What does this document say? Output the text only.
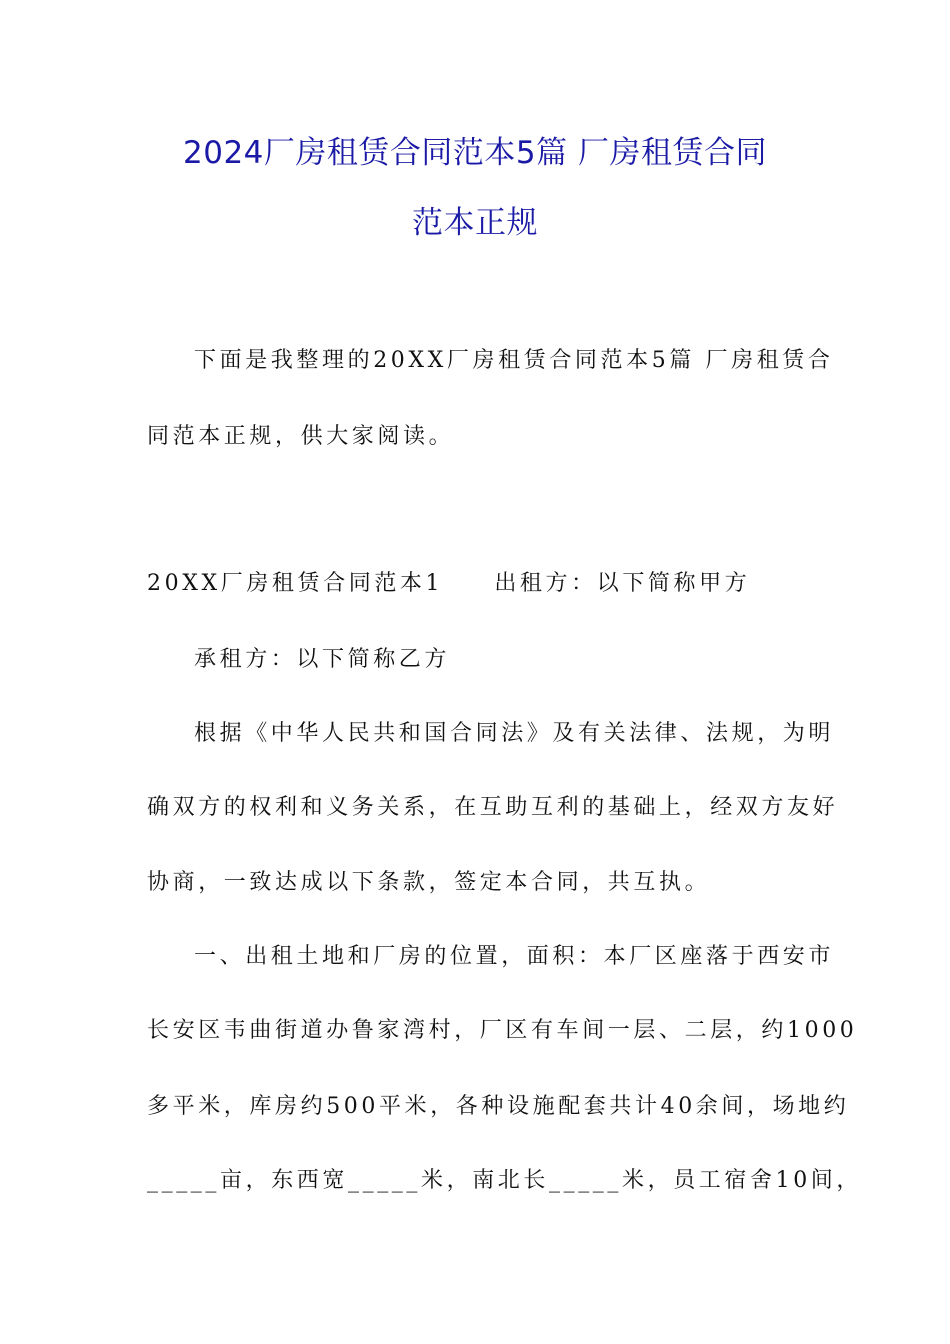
2024厂房租赁合同范本5篇 厂房租赁合同
范本正规
下面是我整理的20XX厂房租赁合同范本5篇 厂房租赁合
同范本正规，供大家阅读。
20XX厂房租赁合同范本1　　出租方：以下简称甲方
承租方：以下简称乙方
根据《中华人民共和国合同法》及有关法律、法规，为明
确双方的权利和义务关系，在互助互利的基础上，经双方友好
协商，一致达成以下条款，签定本合同，共互执。
一、出租土地和厂房的位置，面积：本厂区座落于西安市
长安区韦曲街道办鲁家湾村，厂区有车间一层、二层，约1000
多平米，库房约500平米，各种设施配套共计40余间，场地约
_____亩，东西宽_____米，南北长_____米，员工宿舍10间，
